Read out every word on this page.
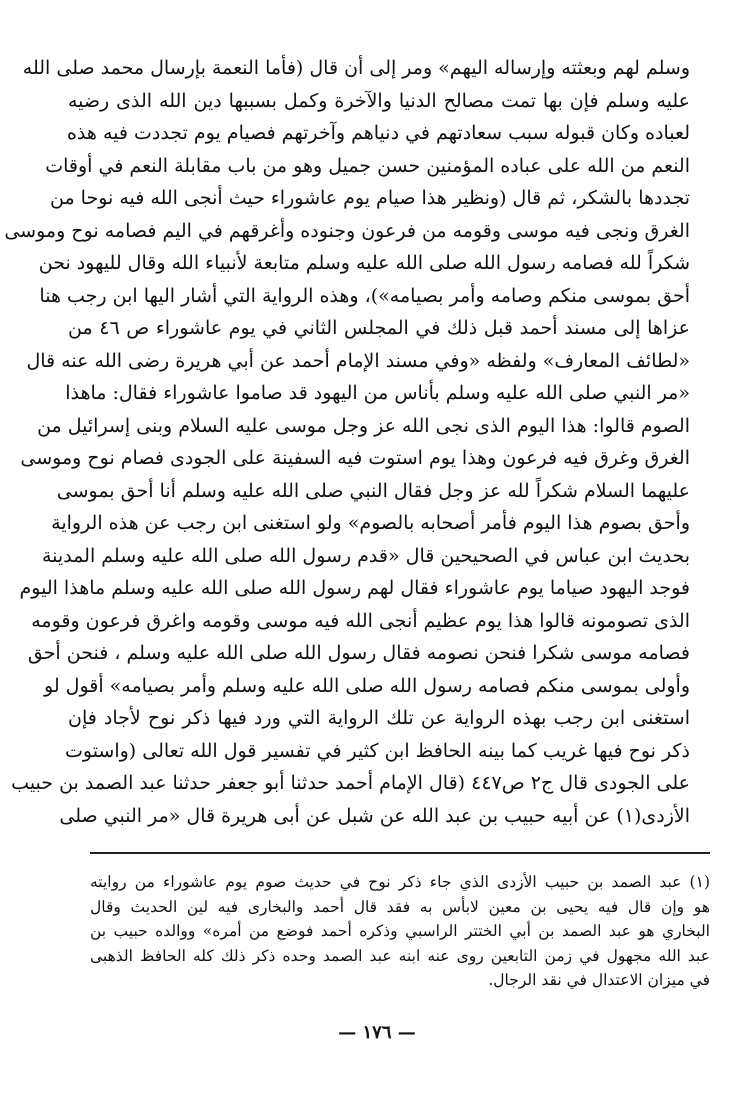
وسلم لهم وبعثته وإرساله اليهم» ومر إلى أن قال (فأما النعمة بإرسال محمد صلى الله
عليه وسلم فإن بها تمت مصالح الدنيا والآخرة وكمل بسببها دين الله الذى رضيه
لعباده وكان قبوله سبب سعادتهم في دنياهم وآخرتهم فصيام يوم تجددت فيه هذه
النعم من الله على عباده المؤمنين حسن جميل وهو من باب مقابلة النعم في أوقات
تجددها بالشكر، ثم قال (ونظير هذا صيام يوم عاشوراء حيث أنجى الله فيه نوحا من
الغرق ونجى فيه موسى وقومه من فرعون وجنوده وأغرقهم في اليم فصامه نوح وموسى
شكراً لله فصامه رسول الله صلى الله عليه وسلم متابعة لأنبياء الله وقال لليهود نحن
أحق بموسى منكم وصامه وأمر بصيامه»)، وهذه الرواية التي أشار اليها ابن رجب هنا
عزاها إلى مسند أحمد قبل ذلك في المجلس الثاني في يوم عاشوراء ص ٤٦ من
«لطائف المعارف» ولفظه «وفي مسند الإمام أحمد عن أبي هريرة رضى الله عنه قال
«مر النبي صلى الله عليه وسلم بأناس من اليهود قد صاموا عاشوراء فقال: ماهذا
الصوم قالوا: هذا اليوم الذى نجى الله عز وجل موسى عليه السلام وبنى إسرائيل من
الغرق وغرق فيه فرعون وهذا يوم استوت فيه السفينة على الجودى فصام نوح وموسى
عليهما السلام شكراً لله عز وجل فقال النبي صلى الله عليه وسلم أنا أحق بموسى
وأحق بصوم هذا اليوم فأمر أصحابه بالصوم» ولو استغنى ابن رجب عن هذه الرواية
بحديث ابن عباس في الصحيحين قال «قدم رسول الله صلى الله عليه وسلم المدينة
فوجد اليهود صياما يوم عاشوراء فقال لهم رسول الله صلى الله عليه وسلم ماهذا اليوم
الذى تصومونه قالوا هذا يوم عظيم أنجى الله فيه موسى وقومه واغرق فرعون وقومه
فصامه موسى شكرا فنحن نصومه فقال رسول الله صلى الله عليه وسلم ، فنحن أحق
وأولى بموسى منكم فصامه رسول الله صلى الله عليه وسلم وأمر بصيامه» أقول لو
استغنى ابن رجب بهذه الرواية عن تلك الرواية التي ورد فيها ذكر نوح لأجاد فإن
ذكر نوح فيها غريب كما بينه الحافظ ابن كثير في تفسير قول الله تعالى (واستوت
على الجودى قال ج٢ ص٤٤٧ (قال الإمام أحمد حدثنا أبو جعفر حدثنا عبد الصمد بن حبيب
الأزدى(١) عن أبيه حبيب بن عبد الله عن شبل عن أبى هريرة قال «مر النبي صلى
(١) عبد الصمد بن حبيب الأزدى الذي جاء ذكر نوح في حديث صوم يوم عاشوراء من روايته
هو وإن قال فيه يحيى بن معين لابأس به فقد قال أحمد والبخارى فيه لين الحديث وقال
البخاري هو عبد الصمد بن أبي الختتر الراسبي وذكره أحمد فوضع من أمره» ووالده حبيب بن
عبد الله مجهول في زمن التابعين روى عنه ابنه عبد الصمد وحده ذكر ذلك كله الحافظ الذهبى
في ميزان الاعتدال في نقد الرجال.
— ١٧٦ —
